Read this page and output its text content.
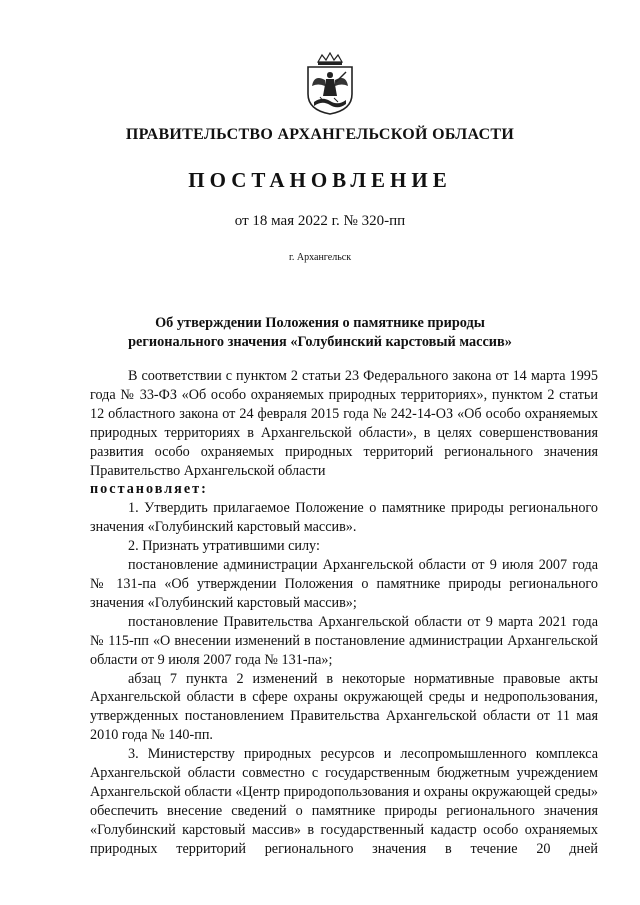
ПРАВИТЕЛЬСТВО АРХАНГЕЛЬСКОЙ ОБЛАСТИ
ПОСТАНОВЛЕНИЕ
от 18 мая 2022 г. № 320-пп
г. Архангельск
Об утверждении Положения о памятнике природы
регионального значения «Голубинский карстовый массив»

В соответствии с пунктом 2 статьи 23 Федерального закона от 14 марта 1995 года № 33-ФЗ «Об особо охраняемых природных территориях», пунктом 2 статьи 12 областного закона от 24 февраля 2015 года № 242-14-ОЗ «Об особо охраняемых природных территориях в Архангельской области», в целях совершенствования развития особо охраняемых природных территорий регионального значения Правительство Архангельской области

постановляет:

1. Утвердить прилагаемое Положение о памятнике природы регионального значения «Голубинский карстовый массив».

2. Признать утратившими силу:

постановление администрации Архангельской области от 9 июля 2007 года № 131-па «Об утверждении Положения о памятнике природы регионального значения «Голубинский карстовый массив»;

постановление Правительства Архангельской области от 9 марта 2021 года № 115-пп «О внесении изменений в постановление администрации Архангельской области от 9 июля 2007 года № 131-па»;

абзац 7 пункта 2 изменений в некоторые нормативные правовые акты Архангельской области в сфере охраны окружающей среды и недропользования, утвержденных постановлением Правительства Архангельской области от 11 мая 2010 года № 140-пп.

3. Министерству природных ресурсов и лесопромышленного комплекса Архангельской области совместно с государственным бюджетным учреждением Архангельской области «Центр природопользования и охраны окружающей среды» обеспечить внесение сведений о памятнике природы регионального значения «Голубинский карстовый массив» в государственный кадастр особо охраняемых природных территорий регионального значения в течение 20 дней
